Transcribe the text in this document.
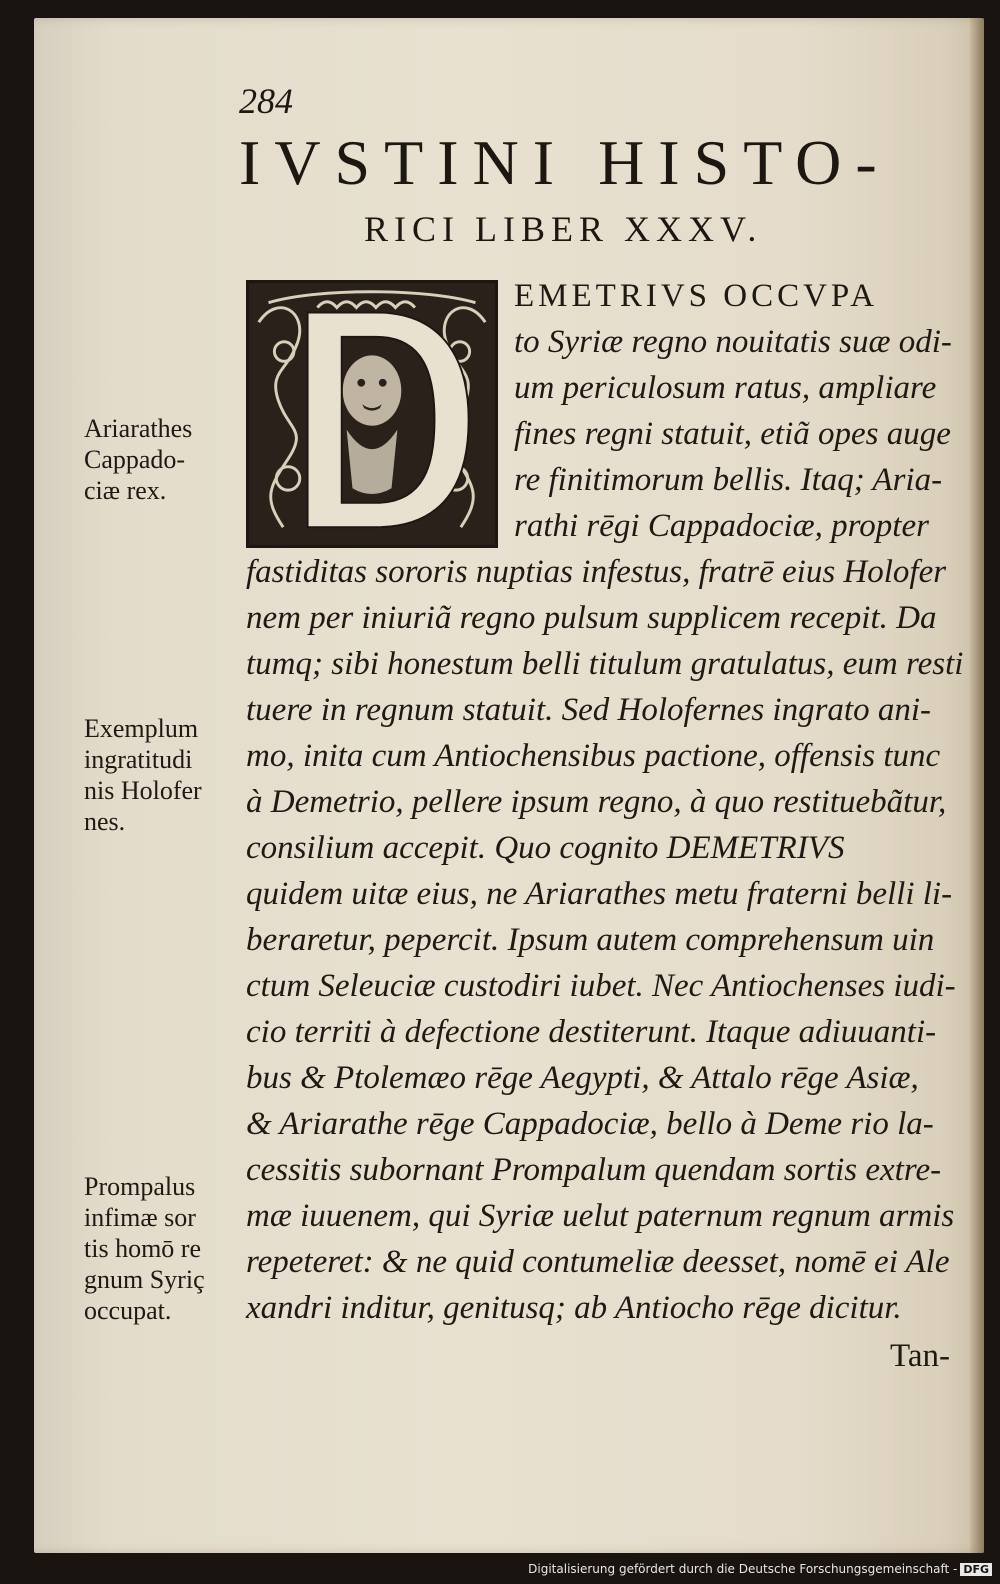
284
IVSTINI HISTO-
RICI LIBER XXXV.
EMETRIVS OCCVPA
to Syriæ regno nouitatis suæ odi-
um periculosum ratus, ampliare
fines regni statuit, etiã opes auge
re finitimorum bellis. Itaq; Aria-
rathi rēgi Cappadociæ, propter
fastiditas sororis nuptias infestus, fratrē eius Holofer
nem per iniuriã regno pulsum supplicem recepit. Da
tumq; sibi honestum belli titulum gratulatus, eum resti
tuere in regnum statuit. Sed Holofernes ingrato ani-
mo, inita cum Antiochensibus pactione, offensis tunc
à Demetrio, pellere ipsum regno, à quo restituebãtur,
consilium accepit. Quo cognito DEMETRIVS
quidem uitæ eius, ne Ariarathes metu fraterni belli li-
beraretur, pepercit. Ipsum autem comprehensum uin
ctum Seleuciæ custodiri iubet. Nec Antiochenses iudi-
cio territi à defectione destiterunt. Itaque adiuuanti-
bus & Ptolemæo rēge Aegypti, & Attalo rēge Asiæ,
& Ariarathe rēge Cappadociæ, bello à Deme rio la-
cessitis subornant Prompalum quendam sortis extre-
mæ iuuenem, qui Syriæ uelut paternum regnum armis
repeteret: & ne quid contumeliæ deesset, nomē ei Ale
xandri inditur, genitusq; ab Antiocho rēge dicitur.
Ariarathes
Cappado-
ciæ rex.
Exemplum
ingratitudi
nis Holofer
nes.
Prompalus
infimæ sor
tis homō re
gnum Syriç
occupat.
Tan-
Digitalisierung gefördert durch die Deutsche Forschungsgemeinschaft - DFG
